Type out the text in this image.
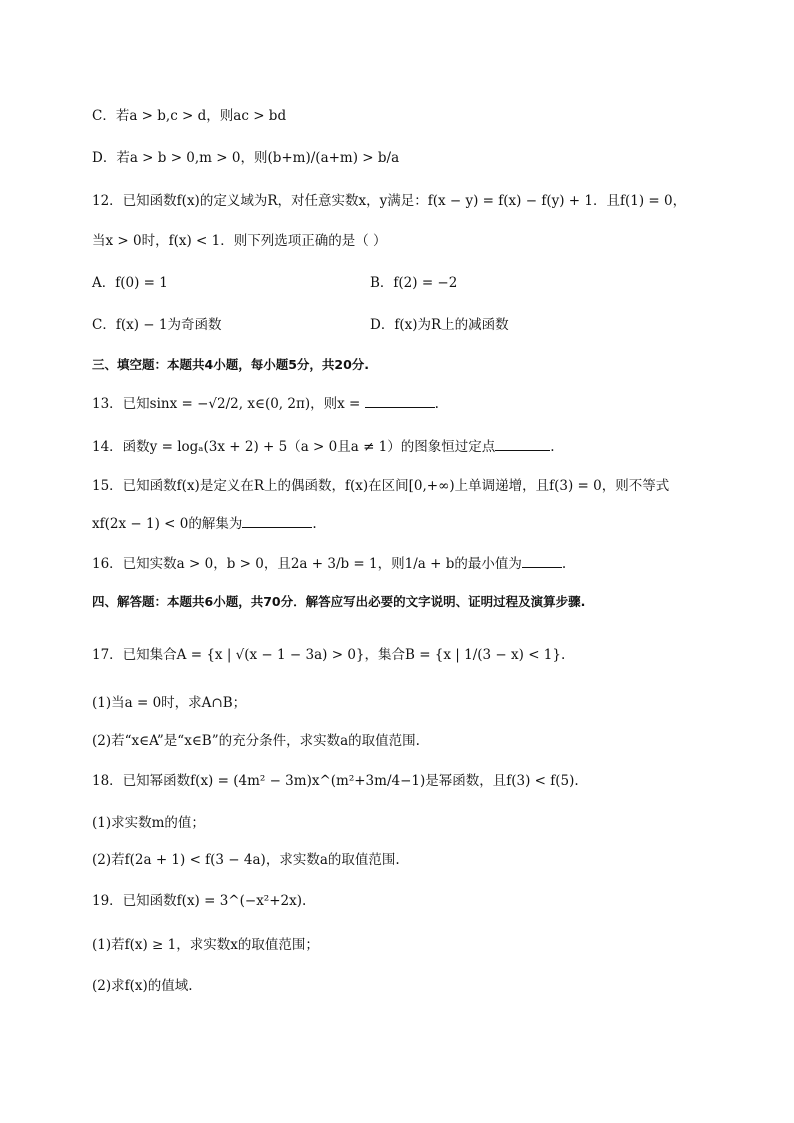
C．若a > b,c > d，则ac > bd
D．若a > b > 0,m > 0，则(b+m)/(a+m) > b/a
12．已知函数f(x)的定义域为R，对任意实数x，y满足：f(x − y) = f(x) − f(y) + 1．且f(1) = 0，
当x > 0时，f(x) < 1．则下列选项正确的是（ ）
A．f(0) = 1	B．f(2) = −2
C．f(x) − 1为奇函数	D．f(x)为R上的减函数
三、填空题：本题共4小题，每小题5分，共20分.
13．已知sinx = −√2/2, x∈(0, 2π)，则x =	.
14．函数y = logₐ(3x + 2) + 5（a > 0且a ≠ 1）的图象恒过定点	.
15．已知函数f(x)是定义在R上的偶函数，f(x)在区间[0,+∞)上单调递增，且f(3) = 0，则不等式
xf(2x − 1) < 0的解集为	.
16．已知实数a > 0，b > 0，且2a + 3/b = 1，则1/a + b的最小值为	.
四、解答题：本题共6小题，共70分．解答应写出必要的文字说明、证明过程及演算步骤.
17．已知集合A = {x | √(x − 1 − 3a) > 0}，集合B = {x | 1/(3 − x) < 1}.
(1)当a = 0时，求A∩B；
(2)若“x∈A”是“x∈B”的充分条件，求实数a的取值范围.
18．已知幂函数f(x) = (4m² − 3m)x^(m²+3m/4−1)是幂函数，且f(3) < f(5).
(1)求实数m的值；
(2)若f(2a + 1) < f(3 − 4a)，求实数a的取值范围.
19．已知函数f(x) = 3^(−x²+2x).
(1)若f(x) ≥ 1，求实数x的取值范围；
(2)求f(x)的值域.
